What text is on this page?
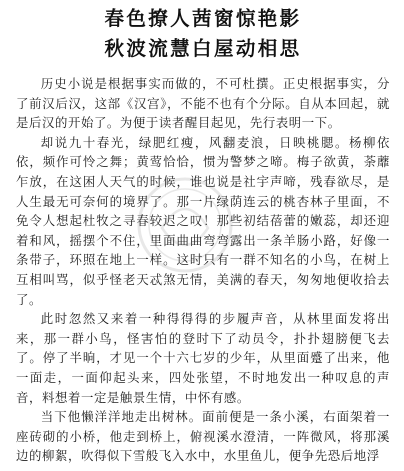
春色撩人茜窗惊艳影
秋波流慧白屋动相思

历史小说是根据事实而做的，不可杜撰。正史根据事实，分了前汉后汉，这部《汉宫》，不能不也有个分际。自从本回起，就是后汉的开始了。为便于读者醒目起见，先行表明一下。

却说九十春光，绿肥红瘦，风翻麦浪，日映桃腮。杨柳依依，频作可怜之舞；黄莺恰恰，惯为警梦之啼。梅子欲黄，荼蘼乍放，在这困人天气的时候，谁也说是社宇声啼，残春欲尽，是人生最无可奈何的境界了。那一片绿荫连云的桃杏林子里面，不免令人想起杜牧之寻春较迟之叹！那些初结蓓蕾的嫩蕊，却还迎着和风，摇摆个不住，里面曲曲弯弯露出一条羊肠小路，好像一条带子，环照在地上一样。这时只有一群不知名的小鸟，在树上互相叫骂，似乎怪老天忒煞无情，美满的春天，匆匆地便收拾去了。

此时忽然又来着一种得得得的步履声音，从林里面发将出来，那一群小鸟，怪害怕的登时下了动员令，扑扑翅膀便飞去了。停了半晌，才见一个十六七岁的少年，从里面蹙了出来，他一面走，一面仰起头来，四处张望，不时地发出一种叹息的声音，料想着一定是触景生情，中怀有感。

当下他懒洋洋地走出树林。面前便是一条小溪，右面架着一座砖砌的小桥，他走到桥上，俯视溪水澄清，一阵微风，将那溪边的柳絮，吹得似下雪般飞入水中，水里鱼儿，便争先恐后地浮
